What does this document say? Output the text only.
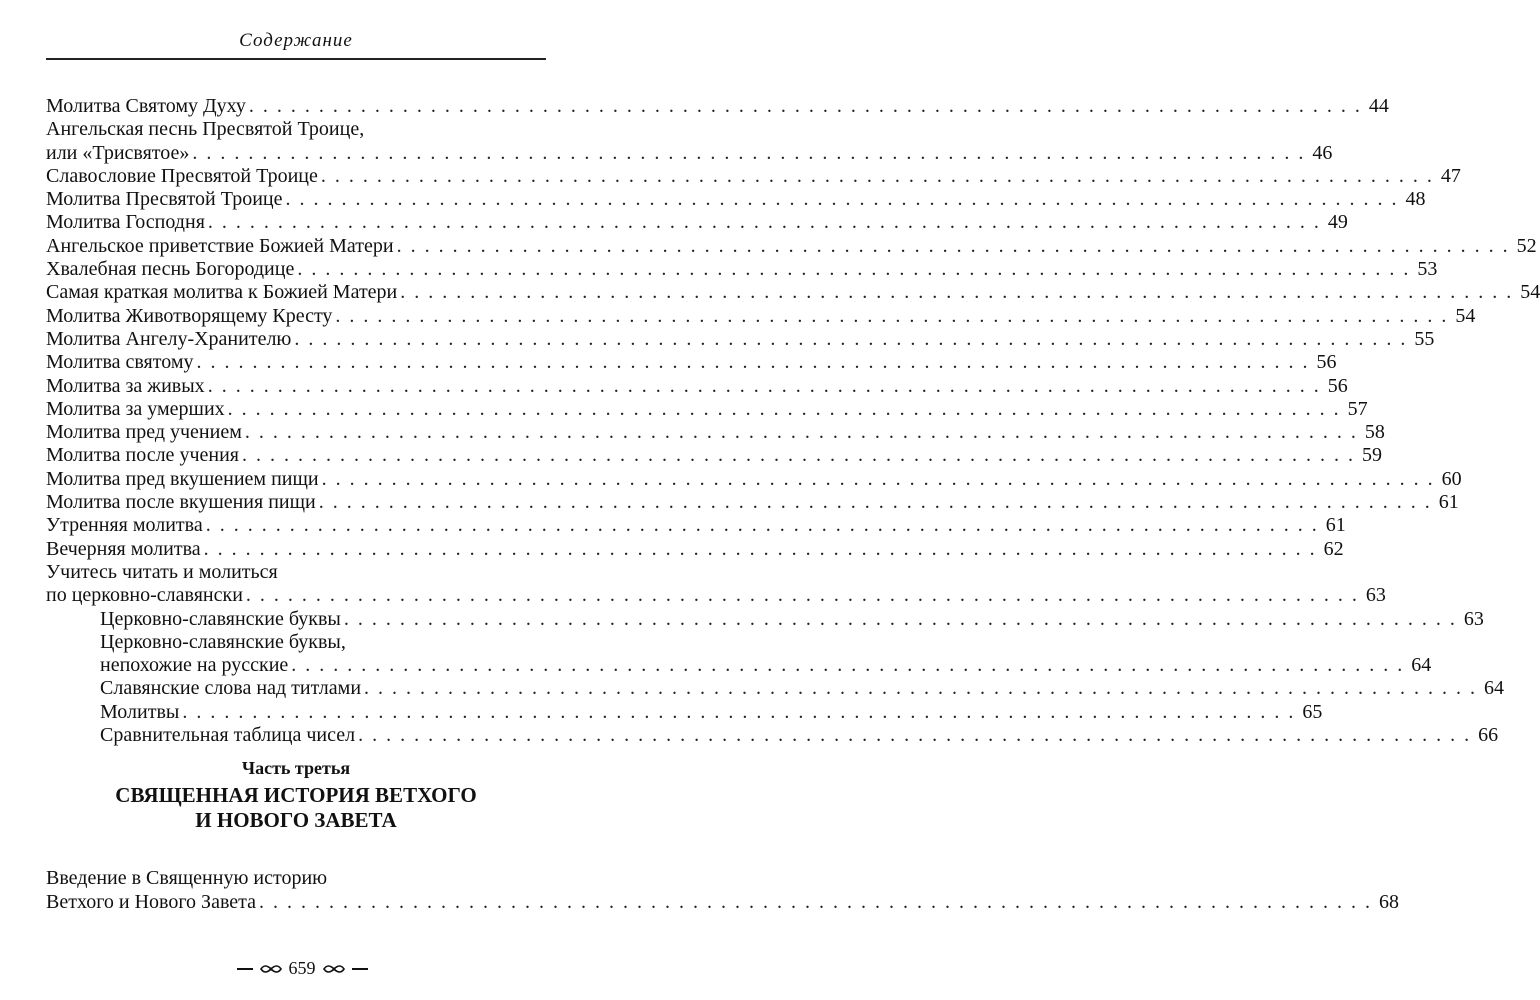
Содержание
Молитва Святому Духу . . . . . . . . . . . . . . . . . . . . . . . . . . . . . . . . . . . . . . . . . . . . . . . . . . . . . . . . . . . . . . . . . . . . . . . . . . . . . . . . 44
Ангельская песнь Пресвятой Троице,
или «Трисвятое» . . . . . . . . . . . . . . . . . . . . . . . . . . . . . . . . . . . . . . . . . . . . . . . . . . . . . . . . . . . . . . . . . . . . . . . . . . . . . . . . 46
Славословие Пресвятой Троице . . . . . . . . . . . . . . . . . . . . . . . . . . . . . . . . . . . . . . . . . . . . . . . . . . . . . . . . . . . . . . . . . . . . . . . . . . . . . . . . 47
Молитва Пресвятой Троице . . . . . . . . . . . . . . . . . . . . . . . . . . . . . . . . . . . . . . . . . . . . . . . . . . . . . . . . . . . . . . . . . . . . . . . . . . . . . . . . 48
Молитва Господня . . . . . . . . . . . . . . . . . . . . . . . . . . . . . . . . . . . . . . . . . . . . . . . . . . . . . . . . . . . . . . . . . . . . . . . . . . . . . . . . 49
Ангельское приветствие Божией Матери . . . . . . . . . . . . . . . . . . . . . . . . . . . . . . . . . . . . . . . . . . . . . . . . . . . . . . . . . . . . . . . . . . . . . . . . . . . . . . . . 52
Хвалебная песнь Богородице . . . . . . . . . . . . . . . . . . . . . . . . . . . . . . . . . . . . . . . . . . . . . . . . . . . . . . . . . . . . . . . . . . . . . . . . . . . . . . . . 53
Самая краткая молитва к Божией Матери . . . . . . . . . . . . . . . . . . . . . . . . . . . . . . . . . . . . . . . . . . . . . . . . . . . . . . . . . . . . . . . . . . . . . . . . . . . . . . . . 54
Молитва Животворящему Кресту . . . . . . . . . . . . . . . . . . . . . . . . . . . . . . . . . . . . . . . . . . . . . . . . . . . . . . . . . . . . . . . . . . . . . . . . . . . . . . . . 54
Молитва Ангелу-Хранителю . . . . . . . . . . . . . . . . . . . . . . . . . . . . . . . . . . . . . . . . . . . . . . . . . . . . . . . . . . . . . . . . . . . . . . . . . . . . . . . . 55
Молитва святому . . . . . . . . . . . . . . . . . . . . . . . . . . . . . . . . . . . . . . . . . . . . . . . . . . . . . . . . . . . . . . . . . . . . . . . . . . . . . . . . 56
Молитва за живых . . . . . . . . . . . . . . . . . . . . . . . . . . . . . . . . . . . . . . . . . . . . . . . . . . . . . . . . . . . . . . . . . . . . . . . . . . . . . . . . 56
Молитва за умерших . . . . . . . . . . . . . . . . . . . . . . . . . . . . . . . . . . . . . . . . . . . . . . . . . . . . . . . . . . . . . . . . . . . . . . . . . . . . . . . . 57
Молитва пред учением . . . . . . . . . . . . . . . . . . . . . . . . . . . . . . . . . . . . . . . . . . . . . . . . . . . . . . . . . . . . . . . . . . . . . . . . . . . . . . . . 58
Молитва после учения . . . . . . . . . . . . . . . . . . . . . . . . . . . . . . . . . . . . . . . . . . . . . . . . . . . . . . . . . . . . . . . . . . . . . . . . . . . . . . . . 59
Молитва пред вкушением пищи . . . . . . . . . . . . . . . . . . . . . . . . . . . . . . . . . . . . . . . . . . . . . . . . . . . . . . . . . . . . . . . . . . . . . . . . . . . . . . . . 60
Молитва после вкушения пищи . . . . . . . . . . . . . . . . . . . . . . . . . . . . . . . . . . . . . . . . . . . . . . . . . . . . . . . . . . . . . . . . . . . . . . . . . . . . . . . . 61
Утренняя молитва . . . . . . . . . . . . . . . . . . . . . . . . . . . . . . . . . . . . . . . . . . . . . . . . . . . . . . . . . . . . . . . . . . . . . . . . . . . . . . . . 61
Вечерняя молитва . . . . . . . . . . . . . . . . . . . . . . . . . . . . . . . . . . . . . . . . . . . . . . . . . . . . . . . . . . . . . . . . . . . . . . . . . . . . . . . . 62
Учитесь читать и молиться
по церковно-славянски . . . . . . . . . . . . . . . . . . . . . . . . . . . . . . . . . . . . . . . . . . . . . . . . . . . . . . . . . . . . . . . . . . . . . . . . . . . . . . . . 63
Церковно-славянские буквы . . . . . . . . . . . . . . . . . . . . . . . . . . . . . . . . . . . . . . . . . . . . . . . . . . . . . . . . . . . . . . . . . . . . . . . . . . . . . . . . 63
Церковно-славянские буквы,
непохожие на русские . . . . . . . . . . . . . . . . . . . . . . . . . . . . . . . . . . . . . . . . . . . . . . . . . . . . . . . . . . . . . . . . . . . . . . . . . . . . . . . . 64
Славянские слова над титлами . . . . . . . . . . . . . . . . . . . . . . . . . . . . . . . . . . . . . . . . . . . . . . . . . . . . . . . . . . . . . . . . . . . . . . . . . . . . . . . . 64
Молитвы . . . . . . . . . . . . . . . . . . . . . . . . . . . . . . . . . . . . . . . . . . . . . . . . . . . . . . . . . . . . . . . . . . . . . . . . . . . . . . . . 65
Сравнительная таблица чисел . . . . . . . . . . . . . . . . . . . . . . . . . . . . . . . . . . . . . . . . . . . . . . . . . . . . . . . . . . . . . . . . . . . . . . . . . . . . . . . . 66
Часть третья
СВЯЩЕННАЯ ИСТОРИЯ ВЕТХОГО
И НОВОГО ЗАВЕТА
Введение в Священную историю
Ветхого и Нового Завета . . . . . . . . . . . . . . . . . . . . . . . . . . . . . . . . . . . . . . . . . . . . . . . . . . . . . . . . . . . . . . . . . . . . . . . . . . . . . . . . 68
659
